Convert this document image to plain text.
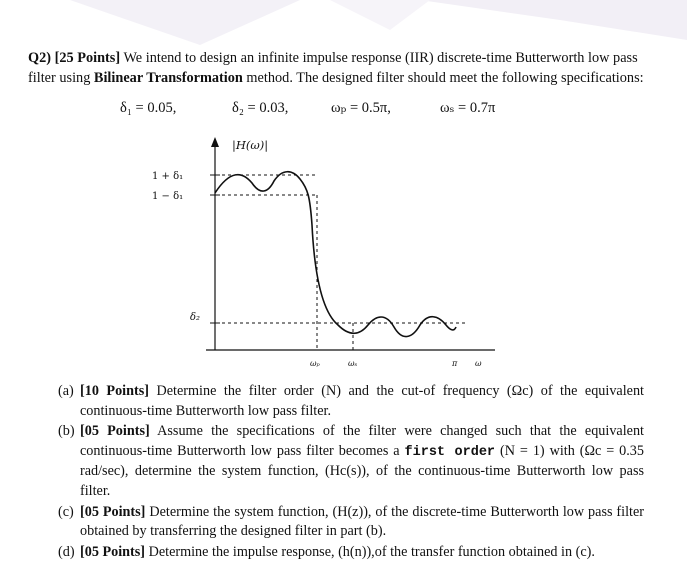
Q2) [25 Points] We intend to design an infinite impulse response (IIR) discrete-time Butterworth low pass filter using Bilinear Transformation method. The designed filter should meet the following specifications:

δ₁ = 0.05,	δ₂ = 0.03,	ωₚ = 0.5π,	ωₛ = 0.7π
|H(ω)|
1 + δ₁
1 − δ₁
δ₂
ωₚ	ωₛ	π ω

(a) [10 Points] Determine the filter order (N) and the cut-of frequency (Ωc) of the equivalent continuous-time Butterworth low pass filter.

(b) [05 Points] Assume the specifications of the filter were changed such that the equivalent continuous-time Butterworth low pass filter becomes a first order (N = 1) with (Ωc = 0.35 rad/sec), determine the system function, (Hc(s)), of the continuous-time Butterworth low pass filter.

(c) [05 Points] Determine the system function, (H(z)), of the discrete-time Butterworth low pass filter obtained by transferring the designed filter in part (b).

(d) [05 Points] Determine the impulse response, (h(n)),of the transfer function obtained in (c).
